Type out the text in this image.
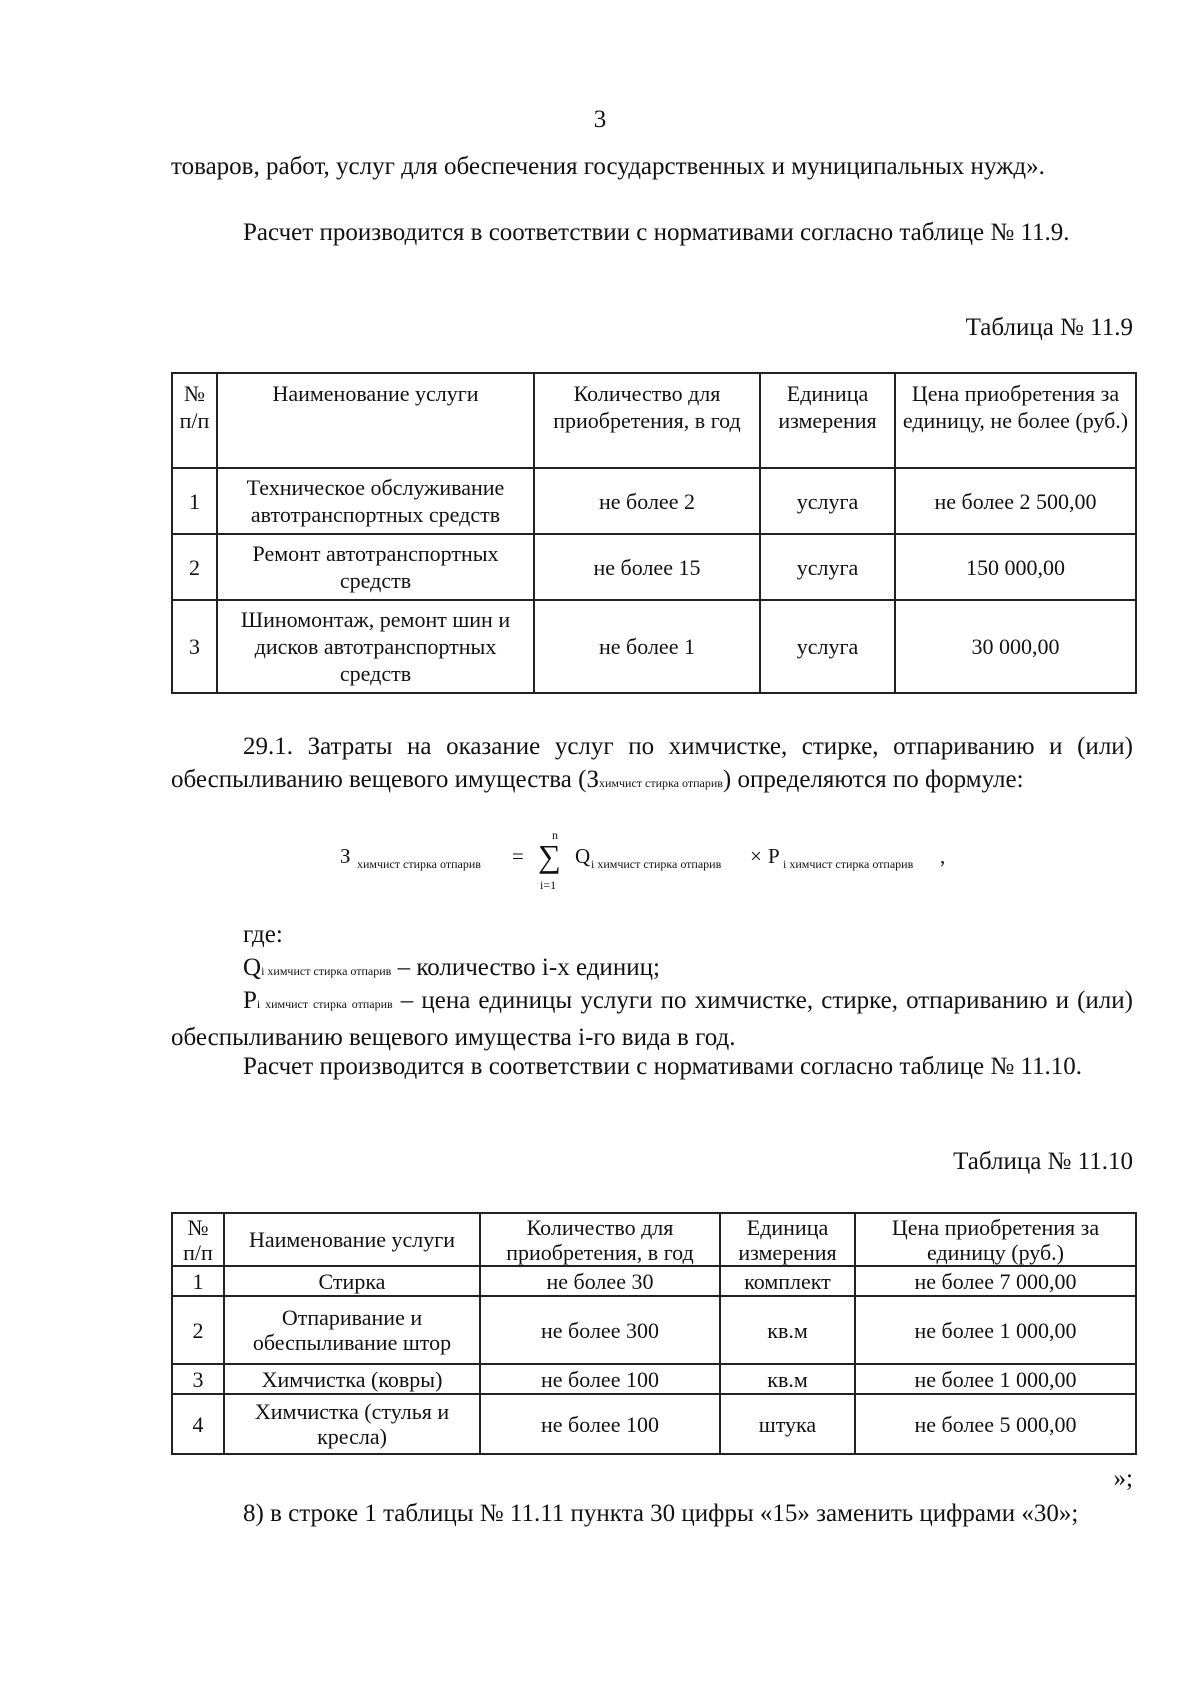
3
товаров, работ, услуг для обеспечения государственных и муниципальных нужд».
Расчет производится в соответствии с нормативами согласно таблице № 11.9.
Таблица № 11.9
№ п/п	Наименование услуги	Количество для приобретения, в год	Единица измерения	Цена приобретения за единицу, не более (руб.)
1	Техническое обслуживание автотранспортных средств	не более 2	услуга	не более 2 500,00
2	Ремонт автотранспортных средств	не более 15	услуга	150 000,00
3	Шиномонтаж, ремонт шин и дисков автотранспортных средств	не более 1	услуга	30 000,00
29.1. Затраты на оказание услуг по химчистке, стирке, отпариванию и (или) обеспыливанию вещевого имущества (Зхимчист стирка отпарив) определяются по формуле:
З химчист стирка отпарив =
n
∑
i=1
Q i химчист стирка отпарив × P i химчист стирка отпарив ,
где:
Qi химчист стирка отпарив – количество i-х единиц;
Pi химчист стирка отпарив – цена единицы услуги по химчистке, стирке, отпариванию и (или) обеспыливанию вещевого имущества i-го вида в год.
Расчет производится в соответствии с нормативами согласно таблице № 11.10.
Таблица № 11.10
№ п/п	Наименование услуги	Количество для приобретения, в год	Единица измерения	Цена приобретения за единицу (руб.)
1	Стирка	не более 30	комплект	не более 7 000,00
2	Отпаривание и обеспыливание штор	не более 300	кв.м	не более 1 000,00
3	Химчистка (ковры)	не более 100	кв.м	не более 1 000,00
4	Химчистка (стулья и кресла)	не более 100	штука	не более 5 000,00
»;
8) в строке 1 таблицы № 11.11 пункта 30 цифры «15» заменить цифрами «30»;
